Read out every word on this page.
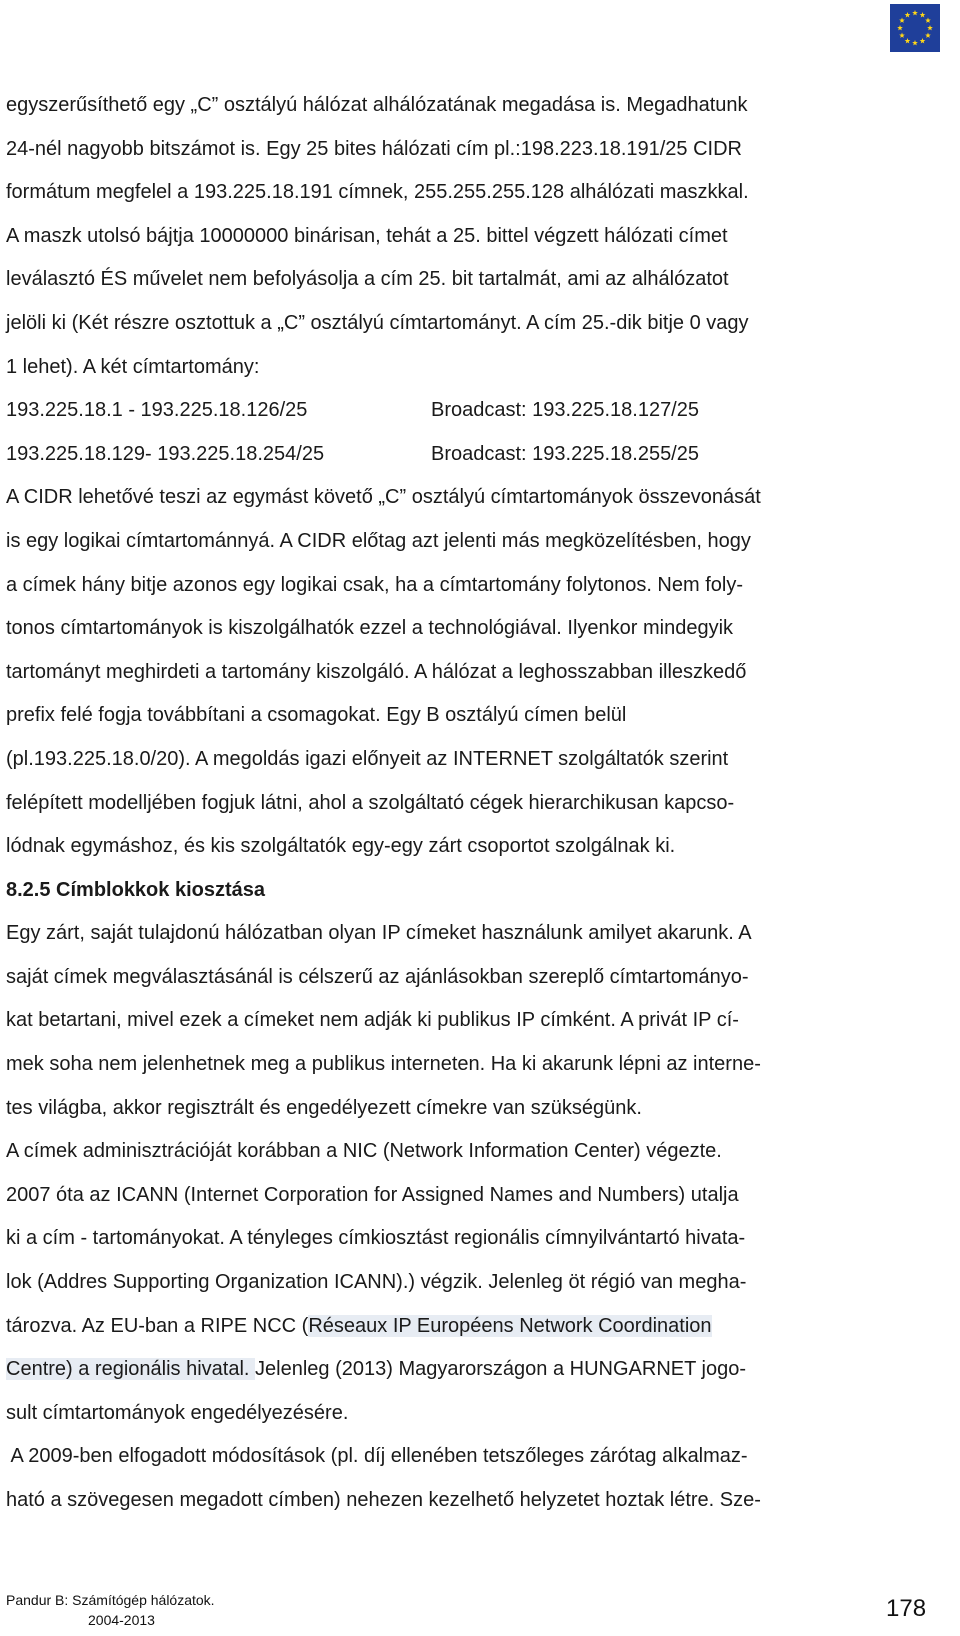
egyszerűsíthető egy „C” osztályú hálózat alhálózatának megadása is. Megadhatunk
24-nél nagyobb bitszámot is. Egy 25 bites hálózati cím pl.:198.223.18.191/25 CIDR
formátum megfelel a 193.225.18.191 címnek, 255.255.255.128 alhálózati maszkkal.
A maszk utolsó bájtja 10000000 binárisan, tehát a 25. bittel végzett hálózati címet
leválasztó ÉS művelet nem befolyásolja a cím 25. bit tartalmát, ami az alhálózatot
jelöli ki (Két részre osztottuk a „C” osztályú címtartományt. A cím 25.-dik bitje 0 vagy
1 lehet). A két címtartomány:
193.225.18.1 - 193.225.18.126/25	Broadcast: 193.225.18.127/25
193.225.18.129- 193.225.18.254/25	Broadcast: 193.225.18.255/25
A CIDR lehetővé teszi az egymást követő „C” osztályú címtartományok összevonását
is egy logikai címtartománnyá. A CIDR előtag azt jelenti más megközelítésben, hogy
a címek hány bitje azonos egy logikai csak, ha a címtartomány folytonos. Nem foly-
tonos címtartományok is kiszolgálhatók ezzel a technológiával. Ilyenkor mindegyik
tartományt meghirdeti a tartomány kiszolgáló. A hálózat a leghosszabban illeszkedő
prefix felé fogja továbbítani a csomagokat. Egy B osztályú címen belül
(pl.193.225.18.0/20). A megoldás igazi előnyeit az INTERNET szolgáltatók szerint
felépített modelljében fogjuk látni, ahol a szolgáltató cégek hierarchikusan kapcso-
lódnak egymáshoz, és kis szolgáltatók egy-egy zárt csoportot szolgálnak ki.
8.2.5 Címblokkok kiosztása
Egy zárt, saját tulajdonú hálózatban olyan IP címeket használunk amilyet akarunk. A
saját címek megválasztásánál is célszerű az ajánlásokban szereplő címtartományo-
kat betartani, mivel ezek a címeket nem adják ki publikus IP címként. A privát IP cí-
mek soha nem jelenhetnek meg a publikus interneten. Ha ki akarunk lépni az interne-
tes világba, akkor regisztrált és engedélyezett címekre van szükségünk.
A címek adminisztrációját korábban a NIC (Network Information Center) végezte.
2007 óta az ICANN (Internet Corporation for Assigned Names and Numbers) utalja
ki a cím - tartományokat. A tényleges címkiosztást regionális címnyilvántartó hivata-
lok (Addres Supporting Organization ICANN).) végzik. Jelenleg öt régió van megha-
tározva. Az EU-ban a RIPE NCC (Réseaux IP Européens Network Coordination
Centre) a regionális hivatal. Jelenleg (2013) Magyarországon a HUNGARNET jogo-
sult címtartományok engedélyezésére.
A 2009-ben elfogadott módosítások (pl. díj ellenében tetszőleges zárótag alkalmaz-
ható a szövegesen megadott címben) nehezen kezelhető helyzetet hoztak létre. Sze-
Pandur B: Számítógép hálózatok.
2004-2013	178
